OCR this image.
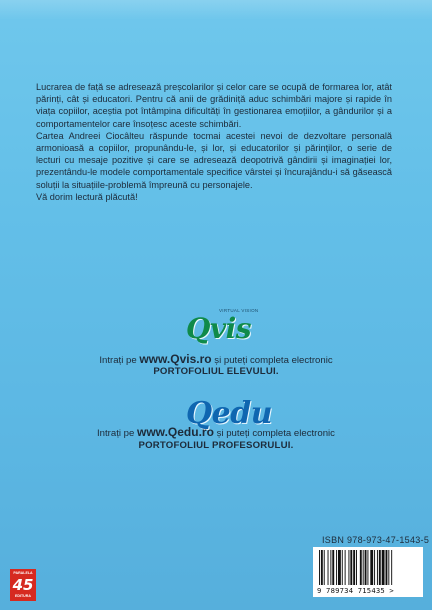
Lucrarea de față se adresează preșcolarilor și celor care se ocupă de formarea lor, atât părinți, cât și educatori. Pentru că anii de grădiniță aduc schimbări majore și rapide în viața copiilor, aceștia pot întâmpina dificultăți în gestionarea emoțiilor, a gândurilor și a comportamentelor care însoțesc aceste schimbări.

Cartea Andreei Ciocâlteu răspunde tocmai acestei nevoi de dezvoltare personală armonioasă a copiilor, propunându-le, și lor, și educatorilor și părinților, o serie de lecturi cu mesaje pozitive și care se adresează deopotrivă gândirii și imaginației lor, prezentându-le modele comportamentale specifice vârstei și încurajându-i să găsească soluții la situațiile-problemă împreună cu personajele.

Vă dorim lectură plăcută!

VIRTUAL VISION
Qvis
Intrați pe www.Qvis.ro și puteți completa electronic
PORTOFOLIUL ELEVULUI.
Qedu
Intrați pe www.Qedu.ro și puteți completa electronic
PORTOFOLIUL PROFESORULUI.
ISBN 978-973-47-1543-5
9 789734 715435 >
PARALELA
45
EDITURA
